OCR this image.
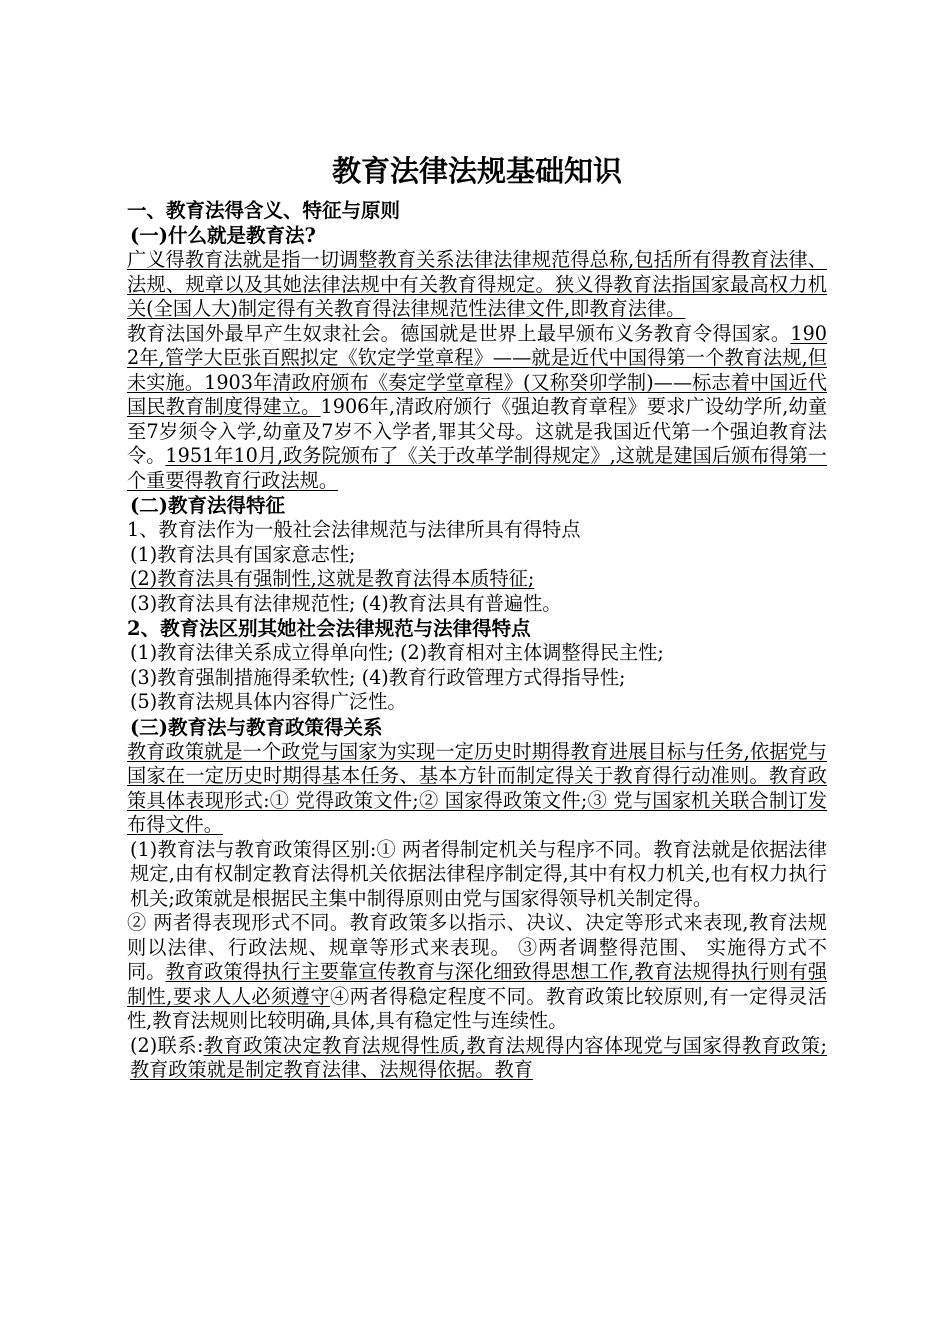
教育法律法规基础知识
一、教育法得含义、特征与原则
(一)什么就是教育法?

广义得教育法就是指一切调整教育关系法律法律规范得总称,包括所有得教育法律、法规、规章以及其她法律法规中有关教育得规定。狭义得教育法指国家最高权力机关(全国人大)制定得有关教育得法律规范性法律文件,即教育法律。

教育法国外最早产生奴隶社会。德国就是世界上最早颁布义务教育令得国家。1902年,管学大臣张百熙拟定《钦定学堂章程》——就是近代中国得第一个教育法规,但未实施。1903年清政府颁布《奏定学堂章程》(又称癸卯学制)——标志着中国近代国民教育制度得建立。1906年,清政府颁行《强迫教育章程》要求广设幼学所,幼童至7岁须令入学,幼童及7岁不入学者,罪其父母。这就是我国近代第一个强迫教育法令。1951年10月,政务院颁布了《关于改革学制得规定》,这就是建国后颁布得第一个重要得教育行政法规。

(二)教育法得特征
1、教育法作为一般社会法律规范与法律所具有得特点
(1)教育法具有国家意志性;
(2)教育法具有强制性,这就是教育法得本质特征;
(3)教育法具有法律规范性; (4)教育法具有普遍性。
2、教育法区别其她社会法律规范与法律得特点
(1)教育法律关系成立得单向性; (2)教育相对主体调整得民主性;
(3)教育强制措施得柔软性; (4)教育行政管理方式得指导性;
(5)教育法规具体内容得广泛性。
(三)教育法与教育政策得关系

教育政策就是一个政党与国家为实现一定历史时期得教育进展目标与任务,依据党与国家在一定历史时期得基本任务、基本方针而制定得关于教育得行动准则。教育政策具体表现形式:① 党得政策文件;② 国家得政策文件;③ 党与国家机关联合制订发布得文件。

(1)教育法与教育政策得区别:① 两者得制定机关与程序不同。教育法就是依据法律规定,由有权制定教育法得机关依据法律程序制定得,其中有权力机关,也有权力执行机关;政策就是根据民主集中制得原则由党与国家得领导机关制定得。

② 两者得表现形式不同。教育政策多以指示、决议、决定等形式来表现,教育法规则以法律、行政法规、规章等形式来表现。 ③两者调整得范围、 实施得方式不同。教育政策得执行主要靠宣传教育与深化细致得思想工作,教育法规得执行则有强制性,要求人人必须遵守④两者得稳定程度不同。教育政策比较原则,有一定得灵活性,教育法规则比较明确,具体,具有稳定性与连续性。

(2)联系:教育政策决定教育法规得性质,教育法规得内容体现党与国家得教育政策;教育政策就是制定教育法律、法规得依据。教育
